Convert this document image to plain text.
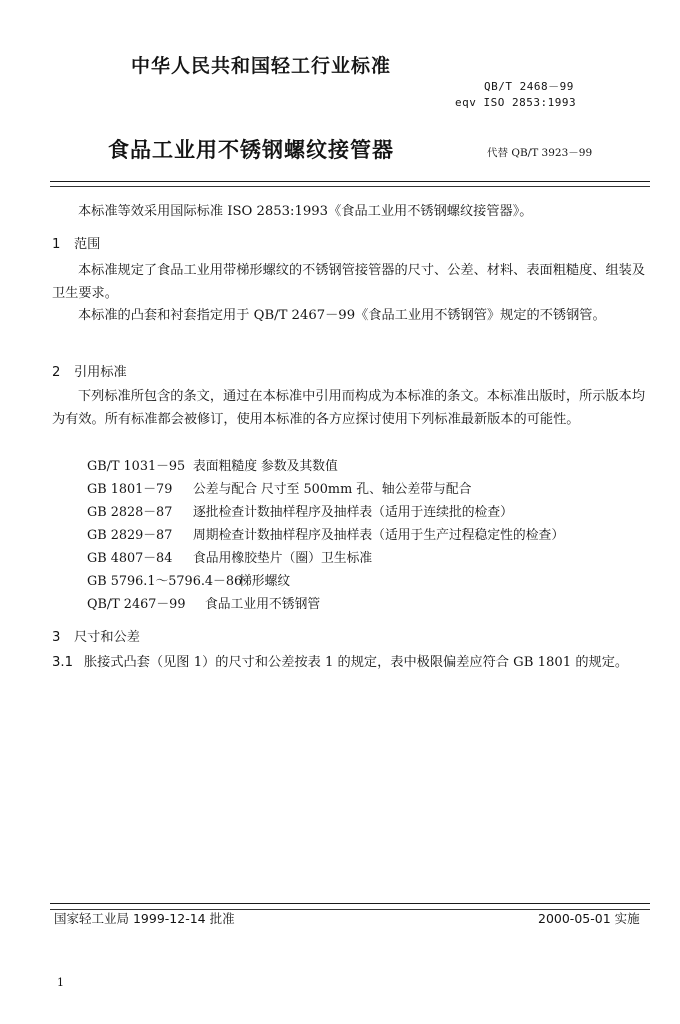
中华人民共和国轻工行业标准
QB/T 2468－99
eqv ISO 2853:1993
食品工业用不锈钢螺纹接管器	代替 QB/T 3923－99
本标准等效采用国际标准 ISO 2853:1993《食品工业用不锈钢螺纹接管器》。
1 范围
本标准规定了食品工业用带梯形螺纹的不锈钢管接管器的尺寸、公差、材料、表面粗糙度、组装及卫生要求。
本标准的凸套和衬套指定用于 QB/T 2467－99《食品工业用不锈钢管》规定的不锈钢管。
2 引用标准
下列标准所包含的条文，通过在本标准中引用而构成为本标准的条文。本标准出版时，所示版本均为有效。所有标准都会被修订，使用本标准的各方应探讨使用下列标准最新版本的可能性。
GB/T 1031－95 表面粗糙度 参数及其数值
GB 1801－79 公差与配合 尺寸至 500mm 孔、轴公差带与配合
GB 2828－87 逐批检查计数抽样程序及抽样表（适用于连续批的检查）
GB 2829－87 周期检查计数抽样程序及抽样表（适用于生产过程稳定性的检查）
GB 4807－84 食品用橡胶垫片（圈）卫生标准
GB 5796.1～5796.4－86梯形螺纹
QB/T 2467－99 食品工业用不锈钢管
3 尺寸和公差
3.1 胀接式凸套（见图 1）的尺寸和公差按表 1 的规定，表中极限偏差应符合 GB 1801 的规定。
国家轻工业局 1999-12-14 批准	2000-05-01 实施
1
